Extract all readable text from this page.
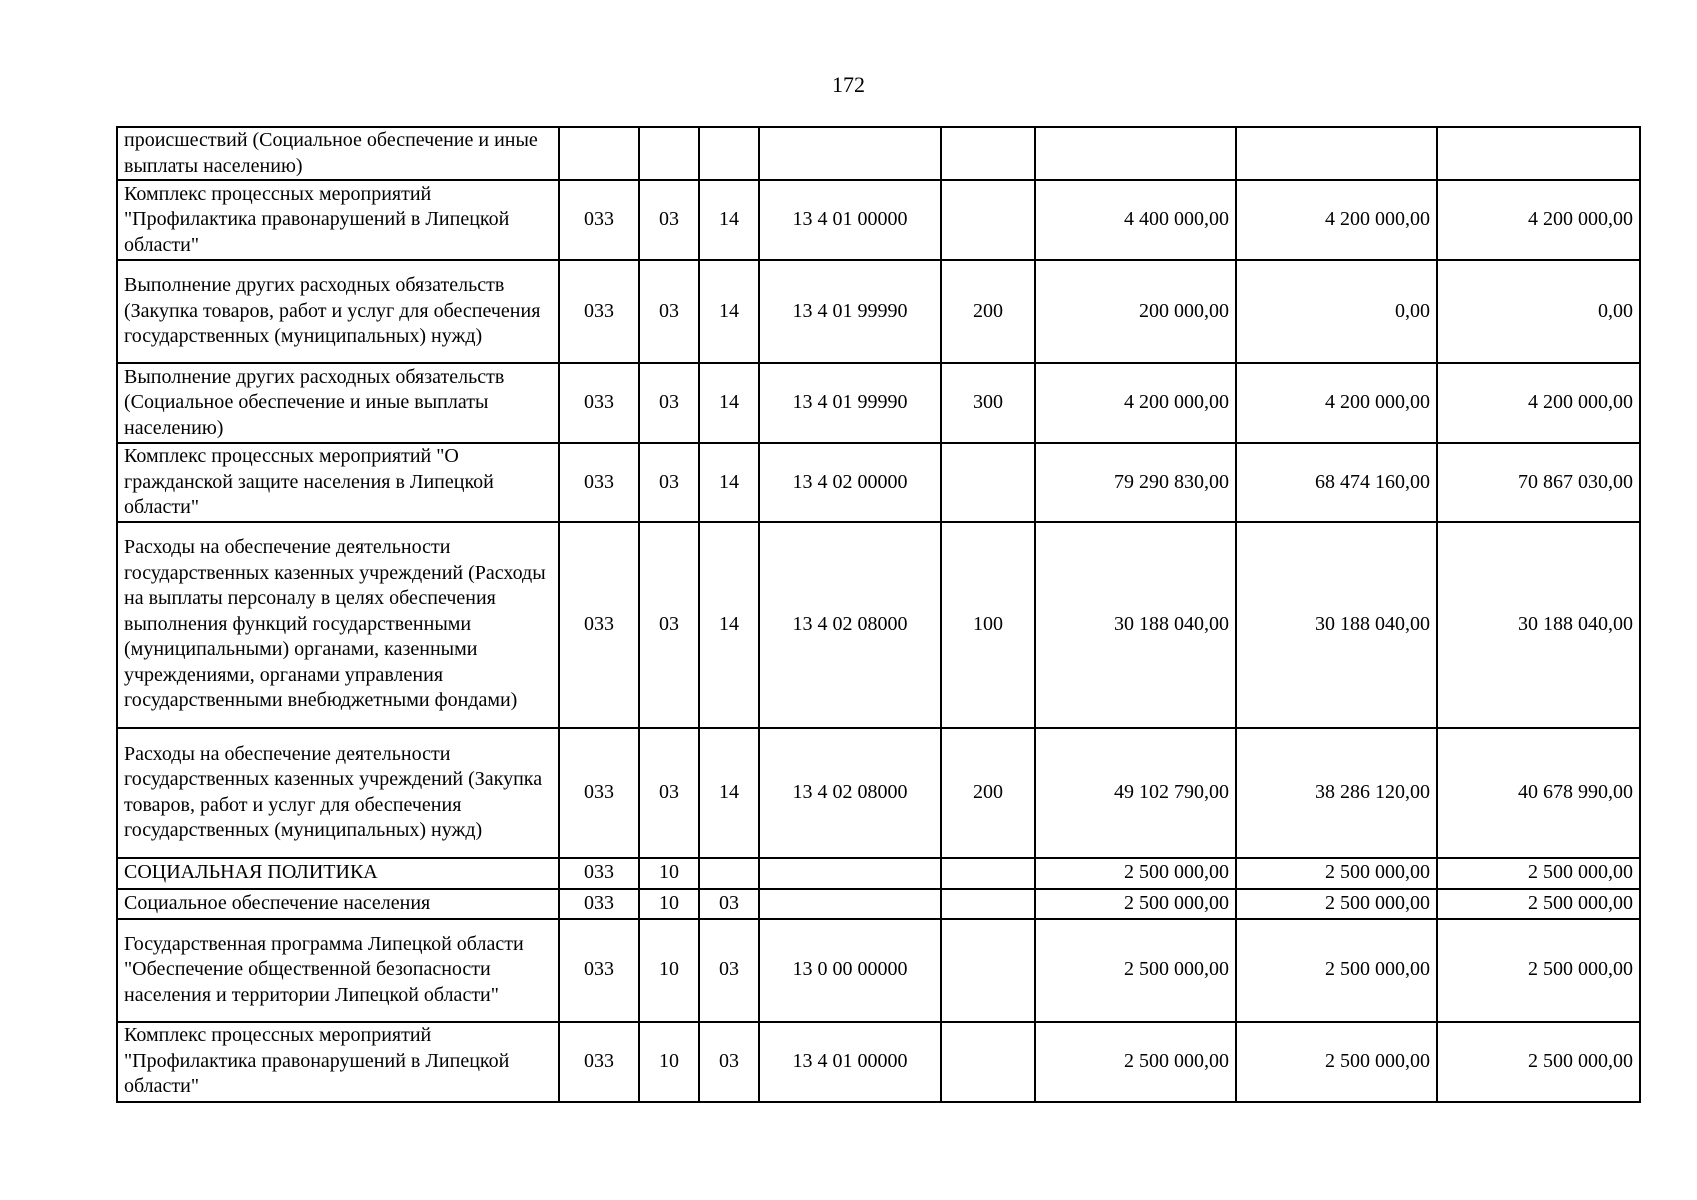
172
происшествий (Социальное обеспечение и иные выплаты населению)								
Комплекс процессных мероприятий "Профилактика правонарушений в Липецкой области"	033	03	14	13 4 01 00000		4 400 000,00	4 200 000,00	4 200 000,00
Выполнение других расходных обязательств (Закупка товаров, работ и услуг для обеспечения государственных (муниципальных) нужд)	033	03	14	13 4 01 99990	200	200 000,00	0,00	0,00
Выполнение других расходных обязательств (Социальное обеспечение и иные выплаты населению)	033	03	14	13 4 01 99990	300	4 200 000,00	4 200 000,00	4 200 000,00
Комплекс процессных мероприятий "О гражданской защите населения в Липецкой области"	033	03	14	13 4 02 00000		79 290 830,00	68 474 160,00	70 867 030,00
Расходы на обеспечение деятельности государственных казенных учреждений (Расходы на выплаты персоналу в целях обеспечения выполнения функций государственными (муниципальными) органами, казенными учреждениями, органами управления государственными внебюджетными фондами)	033	03	14	13 4 02 08000	100	30 188 040,00	30 188 040,00	30 188 040,00
Расходы на обеспечение деятельности государственных казенных учреждений (Закупка товаров, работ и услуг для обеспечения государственных (муниципальных) нужд)	033	03	14	13 4 02 08000	200	49 102 790,00	38 286 120,00	40 678 990,00
СОЦИАЛЬНАЯ ПОЛИТИКА	033	10				2 500 000,00	2 500 000,00	2 500 000,00
Социальное обеспечение населения	033	10	03			2 500 000,00	2 500 000,00	2 500 000,00
Государственная программа Липецкой области "Обеспечение общественной безопасности населения и территории Липецкой области"	033	10	03	13 0 00 00000		2 500 000,00	2 500 000,00	2 500 000,00
Комплекс процессных мероприятий "Профилактика правонарушений в Липецкой области"	033	10	03	13 4 01 00000		2 500 000,00	2 500 000,00	2 500 000,00
